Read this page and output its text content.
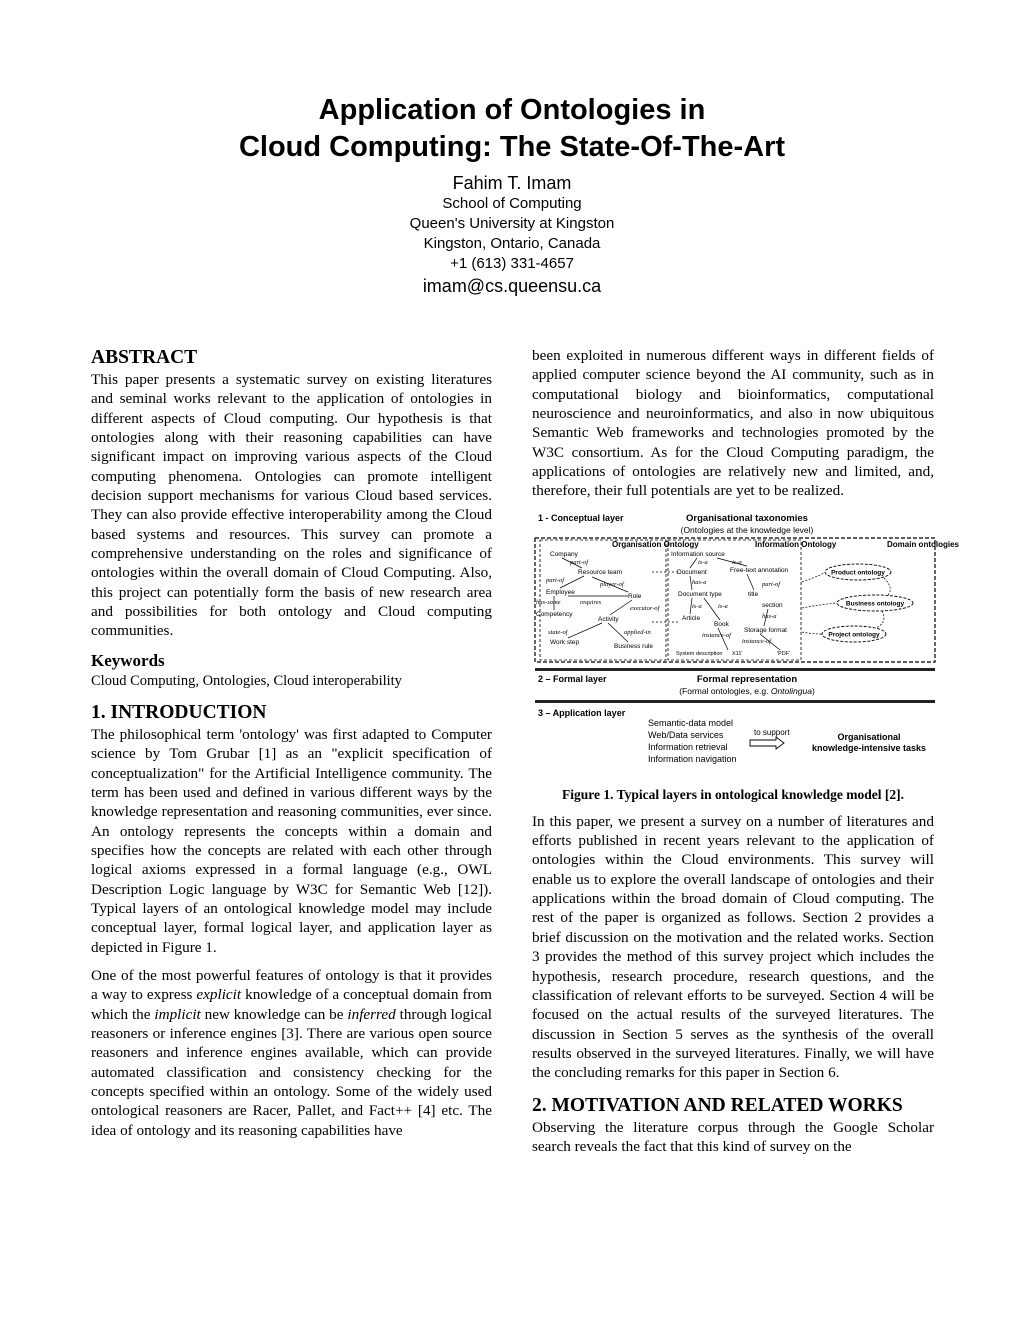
Application of Ontologies in
Cloud Computing: The State-Of-The-Art
Fahim T. Imam
School of Computing
Queen's University at Kingston
Kingston, Ontario, Canada
+1 (613) 331-4657
imam@cs.queensu.ca
ABSTRACT

This paper presents a systematic survey on existing literatures and seminal works relevant to the application of ontologies in different aspects of Cloud computing. Our hypothesis is that ontologies along with their reasoning capabilities can have significant impact on improving various aspects of the Cloud computing phenomena. Ontologies can promote intelligent decision support mechanisms for various Cloud based services. They can also provide effective interoperability among the Cloud based systems and resources. This survey can promote a comprehensive understanding on the roles and significance of ontologies within the overall domain of Cloud Computing. Also, this project can potentially form the basis of new research area and possibilities for both ontology and Cloud computing communities.

Keywords

Cloud Computing, Ontologies, Cloud interoperability

1. INTRODUCTION

The philosophical term 'ontology' was first adapted to Computer science by Tom Grubar [1] as an "explicit specification of conceptualization" for the Artificial Intelligence community. The term has been used and defined in various different ways by the knowledge representation and reasoning communities, ever since. An ontology represents the concepts within a domain and specifies how the concepts are related with each other through logical axioms expressed in a formal language (e.g., OWL Description Logic language by W3C for Semantic Web [12]). Typical layers of an ontological knowledge model may include conceptual layer, formal logical layer, and application layer as depicted in Figure 1.

One of the most powerful features of ontology is that it provides a way to express explicit knowledge of a conceptual domain from which the implicit new knowledge can be inferred through logical reasoners or inference engines [3]. There are various open source reasoners and inference engines available, which can provide automated classification and consistency checking for the concepts specified within an ontology. Some of the widely used ontological reasoners are Racer, Pallet, and Fact++ [4] etc. The idea of ontology and its reasoning capabilities have

been exploited in numerous different ways in different fields of applied computer science beyond the AI community, such as in computational biology and bioinformatics, computational neuroscience and neuroinformatics, and also in now ubiquitous Semantic Web frameworks and technologies promoted by the W3C consortium. As for the Cloud Computing paradigm, the applications of ontologies are relatively new and limited, and, therefore, their full potentials are yet to be realized.

1 - Conceptual layer	Organisational taxonomies
(Ontologies at the knowledge level)
Organisation Ontology	Information Ontology	Domain ontologies
Company
part-of
Resource team
part-of
player-of
Employee
has-some	requires
Role
executor-of
Competency
Activity
state-of	applied-in
Work step
Business rule
Information source
is-a	is-a
Document	Free-text annotation
has-a	part-of
Document type	title
section
is-a	is-a
has-a
Article
Book
instance-of
Storage format
instance-of
System description X11'	'PDF'
Product ontology
Business ontology
Project ontology
2 – Formal layer	Formal representation
(Formal ontologies, e.g. Ontolingua)
3 – Application layer
Semantic-data model
Web/Data services
Information retrieval
Information navigation
to support	Organisational
knowledge-intensive tasks
Figure 1. Typical layers in ontological knowledge model [2].

In this paper, we present a survey on a number of literatures and efforts published in recent years relevant to the application of ontologies within the Cloud environments. This survey will enable us to explore the overall landscape of ontologies and their applications within the broad domain of Cloud computing. The rest of the paper is organized as follows. Section 2 provides a brief discussion on the motivation and the related works. Section 3 provides the method of this survey project which includes the hypothesis, research procedure, research questions, and the classification of relevant efforts to be surveyed. Section 4 will be focused on the actual results of the surveyed literatures. The discussion in Section 5 serves as the synthesis of the overall results observed in the surveyed literatures. Finally, we will have the concluding remarks for this paper in Section 6.

2. MOTIVATION AND RELATED WORKS

Observing the literature corpus through the Google Scholar search reveals the fact that this kind of survey on the
